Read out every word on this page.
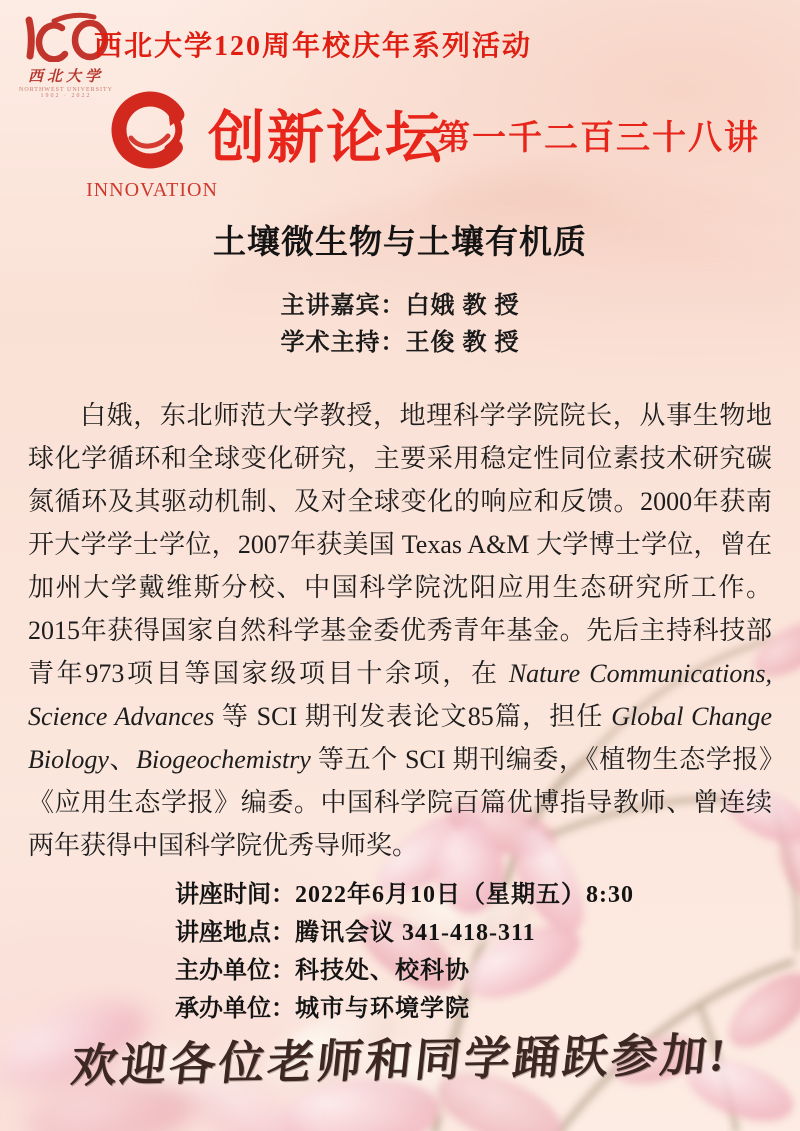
西北大学
NORTHWEST UNIVERSITY
1902 · 2022
西北大学120周年校庆年系列活动
INNOVATION
创新论坛
第一千二百三十八讲
土壤微生物与土壤有机质
主讲嘉宾：白娥 教 授
学术主持：王俊 教 授

白娥，东北师范大学教授，地理科学学院院长，从事生物地球化学循环和全球变化研究，主要采用稳定性同位素技术研究碳氮循环及其驱动机制、及对全球变化的响应和反馈。2000年获南开大学学士学位，2007年获美国 Texas A&M 大学博士学位，曾在加州大学戴维斯分校、中国科学院沈阳应用生态研究所工作。2015年获得国家自然科学基金委优秀青年基金。先后主持科技部青年973项目等国家级项目十余项，在 Nature Communications, Science Advances 等 SCI 期刊发表论文85篇，担任 Global Change Biology、Biogeochemistry 等五个 SCI 期刊编委，《植物生态学报》《应用生态学报》编委。中国科学院百篇优博指导教师、曾连续两年获得中国科学院优秀导师奖。

讲座时间：2022年6月10日（星期五）8:30
讲座地点：腾讯会议 341-418-311
主办单位：科技处、校科协
承办单位：城市与环境学院
欢迎各位老师和同学踊跃参加!
